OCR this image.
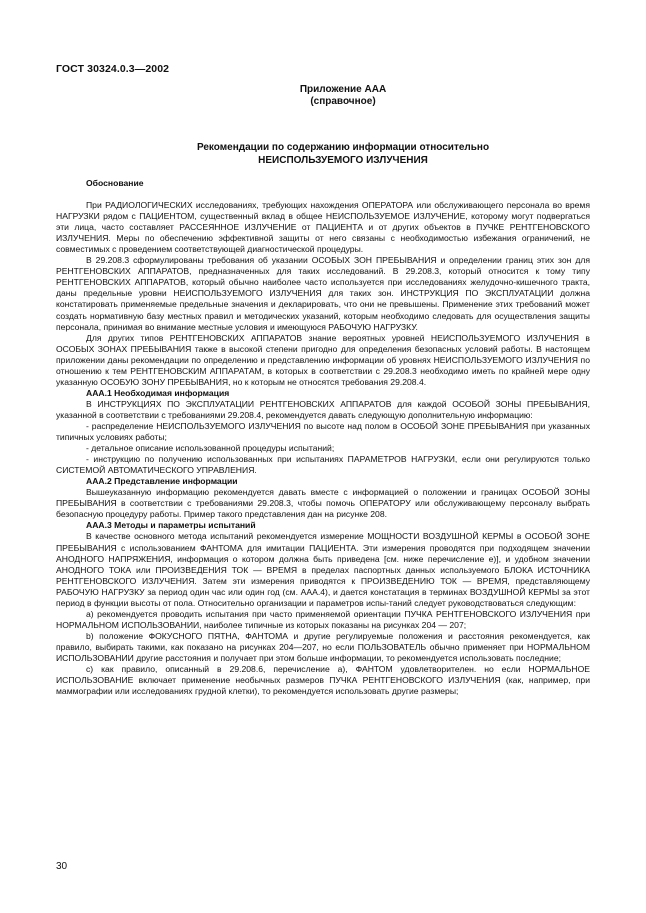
ГОСТ 30324.0.3—2002
Приложение ААА
(справочное)
Рекомендации по содержанию информации относительно
НЕИСПОЛЬЗУЕМОГО ИЗЛУЧЕНИЯ
Обоснование

При РАДИОЛОГИЧЕСКИХ исследованиях, требующих нахождения ОПЕРАТОРА или обслуживающего персонала во время НАГРУЗКИ рядом с ПАЦИЕНТОМ, существенный вклад в общее НЕИСПОЛЬЗУЕМОЕ ИЗЛУЧЕНИЕ, которому могут подвергаться эти лица, часто составляет РАССЕЯННОЕ ИЗЛУЧЕНИЕ от ПАЦИЕНТА и от других объектов в ПУЧКЕ РЕНТГЕНОВСКОГО ИЗЛУЧЕНИЯ. Меры по обеспечению эффективной защиты от него связаны с необходимостью избежания ограничений, не совместимых с проведением соответствующей диагностической процедуры.

В 29.208.3 сформулированы требования об указании ОСОБЫХ ЗОН ПРЕБЫВАНИЯ и определении границ этих зон для РЕНТГЕНОВСКИХ АППАРАТОВ, предназначенных для таких исследований. В 29.208.3, который относится к тому типу РЕНТГЕНОВСКИХ АППАРАТОВ, который обычно наиболее часто используется при исследованиях желудочно-кишечного тракта, даны предельные уровни НЕИСПОЛЬЗУЕМОГО ИЗЛУЧЕНИЯ для таких зон. ИНСТРУКЦИЯ ПО ЭКСПЛУАТАЦИИ должна констатировать применяемые предельные значения и декларировать, что они не превышены. Применение этих требований может создать нормативную базу местных правил и методических указаний, которым необходимо следовать для осуществления защиты персонала, принимая во внимание местные условия и имеющуюся РАБОЧУЮ НАГРУЗКУ.

Для других типов РЕНТГЕНОВСКИХ АППАРАТОВ знание вероятных уровней НЕИСПОЛЬЗУЕМОГО ИЗЛУЧЕНИЯ в ОСОБЫХ ЗОНАХ ПРЕБЫВАНИЯ также в высокой степени пригодно для определения безопасных условий работы. В настоящем приложении даны рекомендации по определению и представлению информации об уровнях НЕИСПОЛЬЗУЕМОГО ИЗЛУЧЕНИЯ по отношению к тем РЕНТГЕНОВСКИМ АППАРАТАМ, в которых в соответствии с 29.208.3 необходимо иметь по крайней мере одну указанную ОСОБУЮ ЗОНУ ПРЕБЫВАНИЯ, но к которым не относятся требования 29.208.4.

ААА.1 Необходимая информация

В ИНСТРУКЦИЯХ ПО ЭКСПЛУАТАЦИИ РЕНТГЕНОВСКИХ АППАРАТОВ для каждой ОСОБОЙ ЗОНЫ ПРЕБЫВАНИЯ, указанной в соответствии с требованиями 29.208.4, рекомендуется давать следующую дополнительную информацию:

- распределение НЕИСПОЛЬЗУЕМОГО ИЗЛУЧЕНИЯ по высоте над полом в ОСОБОЙ ЗОНЕ ПРЕБЫВАНИЯ при указанных типичных условиях работы;

- детальное описание использованной процедуры испытаний;

- инструкцию по получению использованных при испытаниях ПАРАМЕТРОВ НАГРУЗКИ, если они регулируются только СИСТЕМОЙ АВТОМАТИЧЕСКОГО УПРАВЛЕНИЯ.

ААА.2 Представление информации

Вышеуказанную информацию рекомендуется давать вместе с информацией о положении и границах ОСОБОЙ ЗОНЫ ПРЕБЫВАНИЯ в соответствии с требованиями 29.208.3, чтобы помочь ОПЕРАТОРУ или обслуживающему персоналу выбрать безопасную процедуру работы. Пример такого представления дан на рисунке 208.

ААА.3 Методы и параметры испытаний

В качестве основного метода испытаний рекомендуется измерение МОЩНОСТИ ВОЗДУШНОЙ КЕРМЫ в ОСОБОЙ ЗОНЕ ПРЕБЫВАНИЯ с использованием ФАНТОМА для имитации ПАЦИЕНТА. Эти измерения проводятся при подходящем значении АНОДНОГО НАПРЯЖЕНИЯ, информация о котором должна быть приведена [см. ниже перечисление е)], и удобном значении АНОДНОГО ТОКА или ПРОИЗВЕДЕНИЯ ТОК — ВРЕМЯ в пределах паспортных данных используемого БЛОКА ИСТОЧНИКА РЕНТГЕНОВСКОГО ИЗЛУЧЕНИЯ. Затем эти измерения приводятся к ПРОИЗВЕДЕНИЮ ТОК — ВРЕМЯ, представляющему РАБОЧУЮ НАГРУЗКУ за период один час или один год (см. ААА.4), и дается констатация в терминах ВОЗДУШНОЙ КЕРМЫ за этот период в функции высоты от пола. Относительно организации и параметров испы-таний следует руководствоваться следующим:

а) рекомендуется проводить испытания при часто применяемой ориентации ПУЧКА РЕНТГЕНОВСКОГО ИЗЛУЧЕНИЯ при НОРМАЛЬНОМ ИСПОЛЬЗОВАНИИ, наиболее типичные из которых показаны на рисунках 204 — 207;

b) положение ФОКУСНОГО ПЯТНА, ФАНТОМА и другие регулируемые положения и расстояния рекомендуется, как правило, выбирать такими, как показано на рисунках 204—207, но если ПОЛЬЗОВАТЕЛЬ обычно применяет при НОРМАЛЬНОМ ИСПОЛЬЗОВАНИИ другие расстояния и получает при этом больше информации, то рекомендуется использовать последние;

с) как правило, описанный в 29.208.6, перечисление а), ФАНТОМ удовлетворителен. но если НОРМАЛЬНОЕ ИСПОЛЬЗОВАНИЕ включает применение необычных размеров ПУЧКА РЕНТГЕНОВСКОГО ИЗЛУЧЕНИЯ (как, например, при маммографии или исследованиях грудной клетки), то рекомендуется использовать другие размеры;

30
